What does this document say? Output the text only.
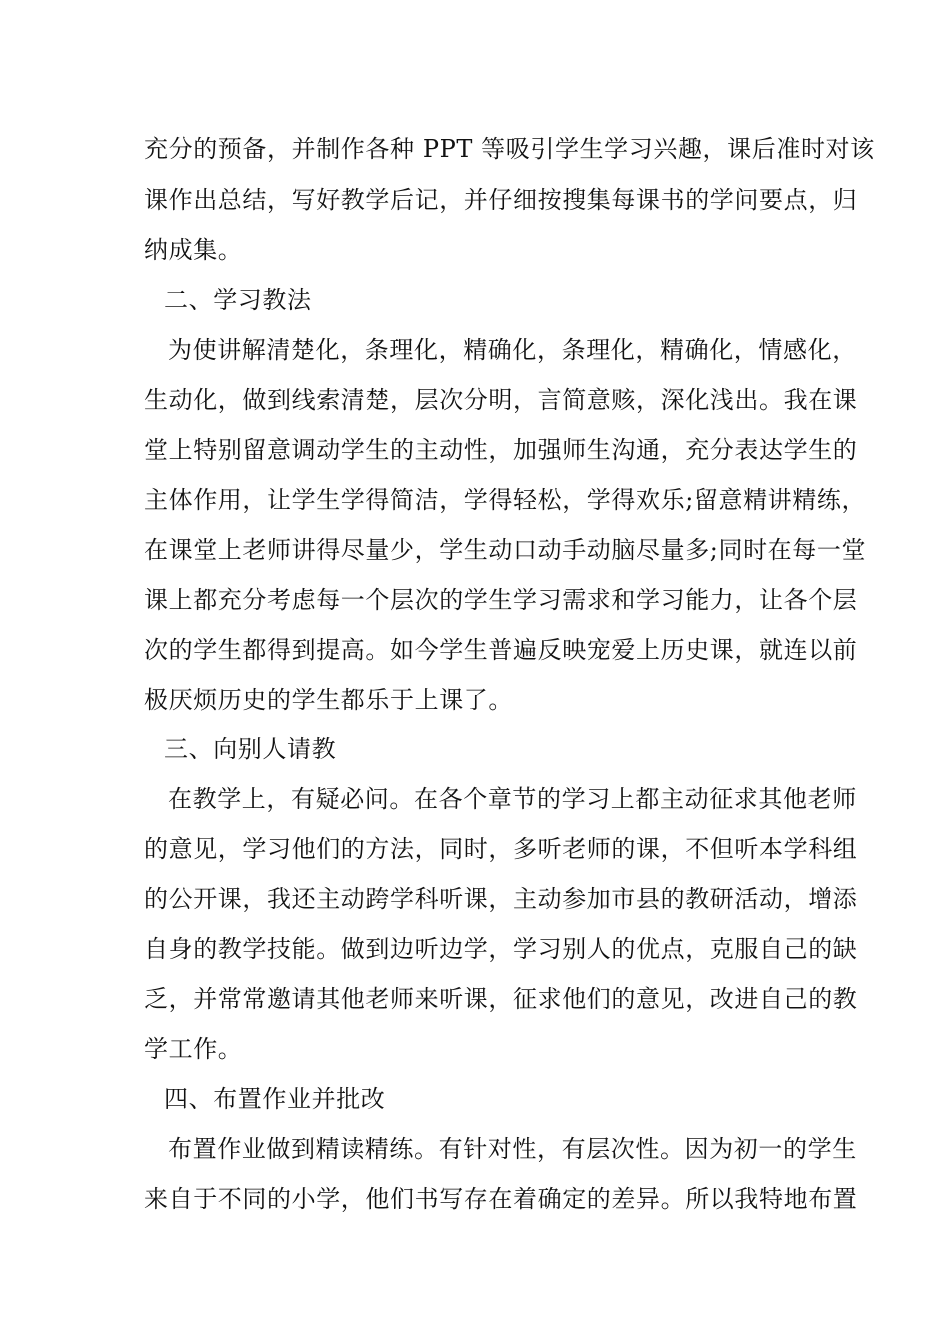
充分的预备，并制作各种 PPT 等吸引学生学习兴趣，课后准时对该
课作出总结，写好教学后记，并仔细按搜集每课书的学问要点，归
纳成集。
二、学习教法
为使讲解清楚化，条理化，精确化，条理化，精确化，情感化，
生动化，做到线索清楚，层次分明，言简意赅，深化浅出。我在课
堂上特别留意调动学生的主动性，加强师生沟通，充分表达学生的
主体作用，让学生学得简洁，学得轻松，学得欢乐;留意精讲精练，
在课堂上老师讲得尽量少，学生动口动手动脑尽量多;同时在每一堂
课上都充分考虑每一个层次的学生学习需求和学习能力，让各个层
次的学生都得到提高。如今学生普遍反映宠爱上历史课，就连以前
极厌烦历史的学生都乐于上课了。
三、向别人请教
在教学上，有疑必问。在各个章节的学习上都主动征求其他老师
的意见，学习他们的方法，同时，多听老师的课，不但听本学科组
的公开课，我还主动跨学科听课，主动参加市县的教研活动，增添
自身的教学技能。做到边听边学，学习别人的优点，克服自己的缺
乏，并常常邀请其他老师来听课，征求他们的意见，改进自己的教
学工作。
四、布置作业并批改
布置作业做到精读精练。有针对性，有层次性。因为初一的学生
来自于不同的小学，他们书写存在着确定的差异。所以我特地布置
